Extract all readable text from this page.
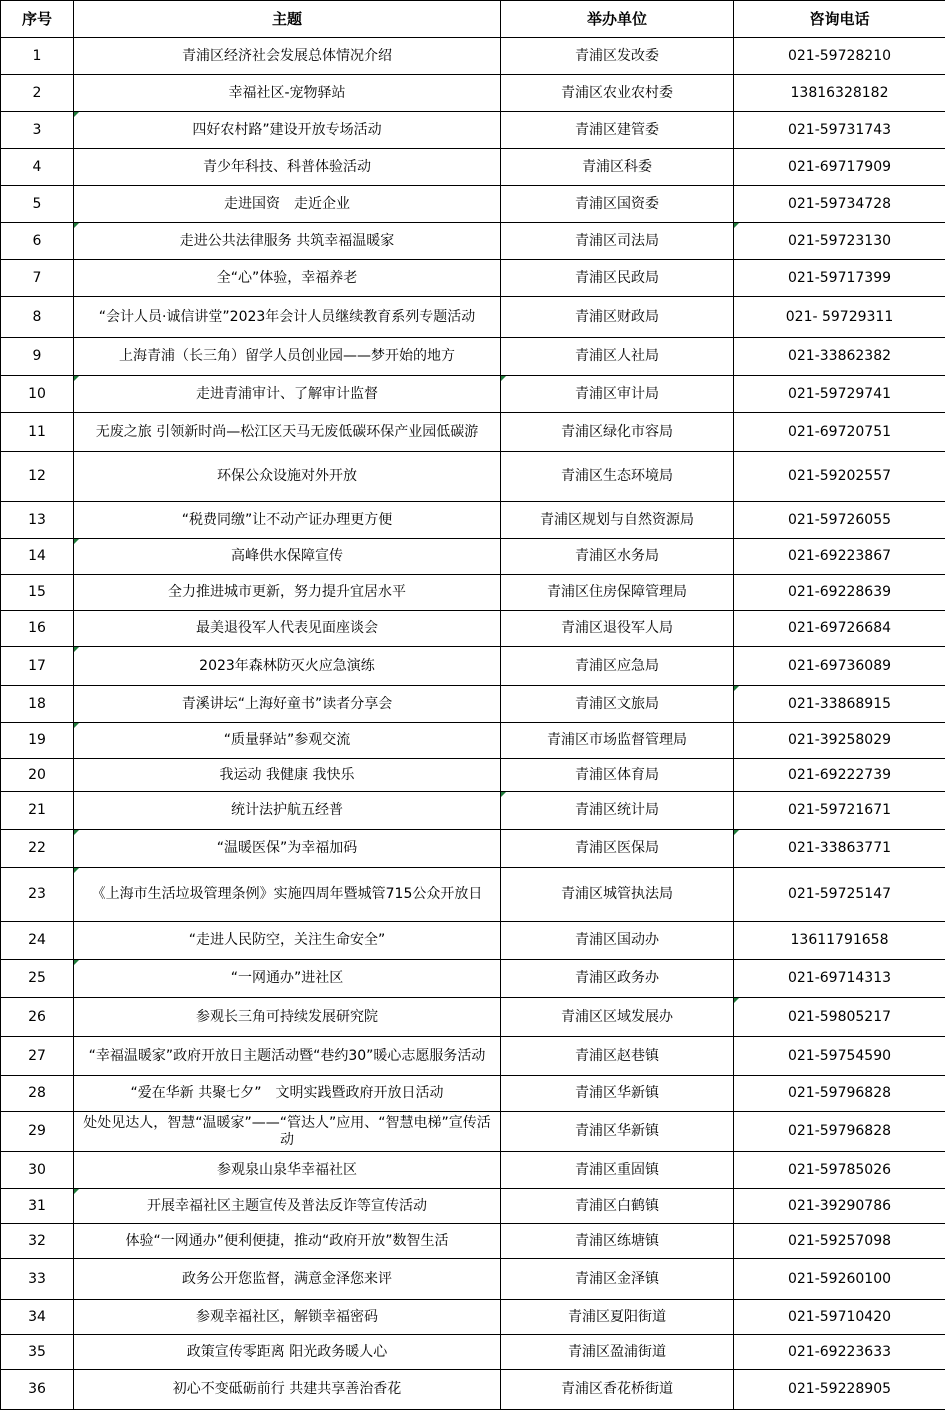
序号	主题	举办单位	咨询电话
1	青浦区经济社会发展总体情况介绍	青浦区发改委	021-59728210
2	幸福社区-宠物驿站	青浦区农业农村委	13816328182
3	四好农村路”建设开放专场活动	青浦区建管委	021-59731743
4	青少年科技、科普体验活动	青浦区科委	021-69717909
5	走进国资　走近企业	青浦区国资委	021-59734728
6	走进公共法律服务 共筑幸福温暖家	青浦区司法局	021-59723130
7	全“心”体验，幸福养老	青浦区民政局	021-59717399
8	“会计人员·诚信讲堂”2023年会计人员继续教育系列专题活动	青浦区财政局	021- 59729311
9	上海青浦（长三角）留学人员创业园——梦开始的地方	青浦区人社局	021-33862382
10	走进青浦审计、了解审计监督	青浦区审计局	021-59729741
11	无废之旅 引领新时尚—松江区天马无废低碳环保产业园低碳游	青浦区绿化市容局	021-69720751
12	环保公众设施对外开放	青浦区生态环境局	021-59202557
13	“税费同缴”让不动产证办理更方便	青浦区规划与自然资源局	021-59726055
14	高峰供水保障宣传	青浦区水务局	021-69223867
15	全力推进城市更新，努力提升宜居水平	青浦区住房保障管理局	021-69228639
16	最美退役军人代表见面座谈会	青浦区退役军人局	021-69726684
17	2023年森林防灭火应急演练	青浦区应急局	021-69736089
18	青溪讲坛“上海好童书”读者分享会	青浦区文旅局	021-33868915
19	“质量驿站”参观交流	青浦区市场监督管理局	021-39258029
20	我运动 我健康 我快乐	青浦区体育局	021-69222739
21	统计法护航五经普	青浦区统计局	021-59721671
22	“温暖医保”为幸福加码	青浦区医保局	021-33863771
23	《上海市生活垃圾管理条例》实施四周年暨城管715公众开放日	青浦区城管执法局	021-59725147
24	“走进人民防空，关注生命安全”	青浦区国动办	13611791658
25	“一网通办”进社区	青浦区政务办	021-69714313
26	参观长三角可持续发展研究院	青浦区区域发展办	021-59805217
27	“幸福温暖家”政府开放日主题活动暨“巷约30”暖心志愿服务活动	青浦区赵巷镇	021-59754590
28	“爱在华新 共聚七夕”　文明实践暨政府开放日活动	青浦区华新镇	021-59796828
29	处处见达人，智慧“温暖家”——“管达人”应用、“智慧电梯”宣传活动	青浦区华新镇	021-59796828
30	参观泉山泉华幸福社区	青浦区重固镇	021-59785026
31	开展幸福社区主题宣传及普法反诈等宣传活动	青浦区白鹤镇	021-39290786
32	体验“一网通办”便利便捷，推动“政府开放”数智生活	青浦区练塘镇	021-59257098
33	政务公开您监督，满意金泽您来评	青浦区金泽镇	021-59260100
34	参观幸福社区，解锁幸福密码	青浦区夏阳街道	021-59710420
35	政策宣传零距离 阳光政务暖人心	青浦区盈浦街道	021-69223633
36	初心不变砥砺前行 共建共享善治香花	青浦区香花桥街道	021-59228905
